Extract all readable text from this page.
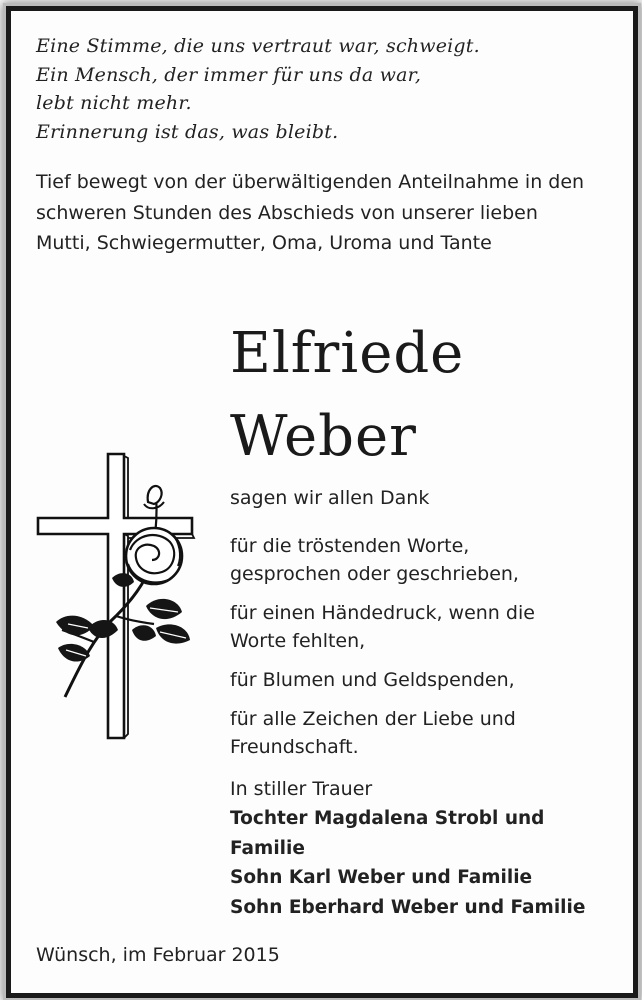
Eine Stimme, die uns vertraut war, schweigt.
Ein Mensch, der immer für uns da war,
lebt nicht mehr.
Erinnerung ist das, was bleibt.
Tief bewegt von der überwältigenden Anteilnahme in den schweren Stunden des Abschieds von unserer lieben Mutti, Schwiegermutter, Oma, Uroma und Tante
Elfriede
Weber
sagen wir allen Dank
für die tröstenden Worte,
gesprochen oder geschrieben,
für einen Händedruck, wenn die
Worte fehlten,
für Blumen und Geldspenden,
für alle Zeichen der Liebe und
Freundschaft.
In stiller Trauer
Tochter Magdalena Strobl und
Familie
Sohn Karl Weber und Familie
Sohn Eberhard Weber und Familie
Wünsch, im Februar 2015
